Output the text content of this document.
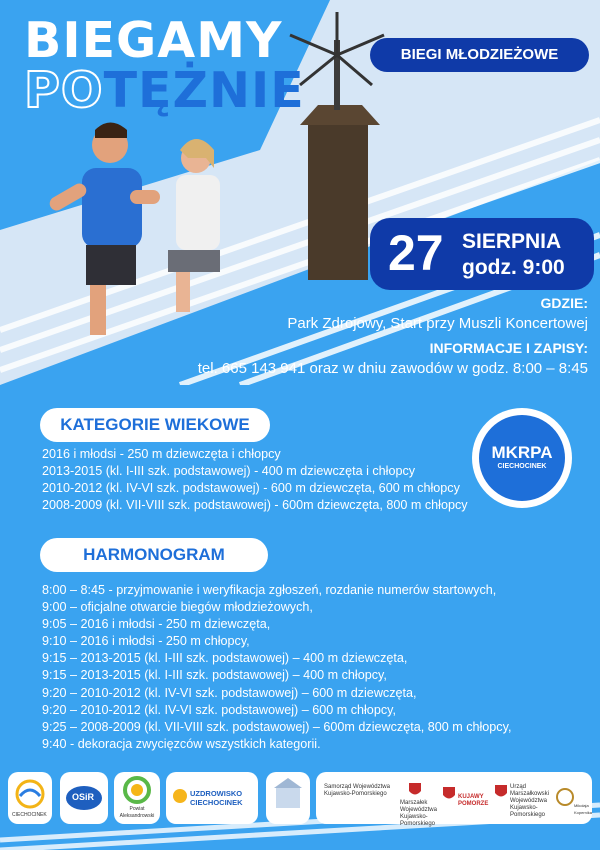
BIEGAMY
POTĘŻNIE
BIEGI MŁODZIEŻOWE
27 SIERPNIA
godz. 9:00
GDZIE:
Park Zdrojowy, Start przy Muszli Koncertowej
INFORMACJE I ZAPISY:
tel. 665 143 941 oraz w dniu zawodów w godz. 8:00 – 8:45
KATEGORIE WIEKOWE
2016 i młodsi - 250 m dziewczęta i chłopcy
2013-2015 (kl. I-III szk. podstawowej) - 400 m dziewczęta i chłopcy
2010-2012 (kl. IV-VI szk. podstawowej) - 600 m dziewczęta, 600 m chłopcy
2008-2009 (kl. VII-VIII szk. podstawowej) - 600m dziewczęta, 800 m chłopcy
MKRPA
CIECHOCINEK
HARMONOGRAM
8:00 – 8:45 - przyjmowanie i weryfikacja zgłoszeń, rozdanie numerów startowych,
9:00 – oficjalne otwarcie biegów młodzieżowych,
9:05 – 2016 i młodsi - 250 m dziewczęta,
9:10 – 2016 i młodsi - 250 m chłopcy,
9:15 – 2013-2015 (kl. I-III szk. podstawowej) – 400 m dziewczęta,
9:15 – 2013-2015 (kl. I-III szk. podstawowej) – 400 m chłopcy,
9:20 – 2010-2012 (kl. IV-VI szk. podstawowej) – 600 m dziewczęta,
9:20 – 2010-2012 (kl. IV-VI szk. podstawowej) – 600 m chłopcy,
9:25 – 2008-2009 (kl. VII-VIII szk. podstawowej) – 600m dziewczęta, 800 m chłopcy,
9:40 - dekoracja zwycięzców wszystkich kategorii.
CIECHOCINEK
OSiR
Powiat Aleksandrowski
UZDROWISKO CIECHOCINEK
Samorząd Województwa Kujawsko-Pomorskiego
Marszałek Województwa Kujawsko-Pomorskiego
KUJAWY POMORZE
Urząd Marszałkowski Województwa Kujawsko-Pomorskiego
Mikołaja Kopernika
